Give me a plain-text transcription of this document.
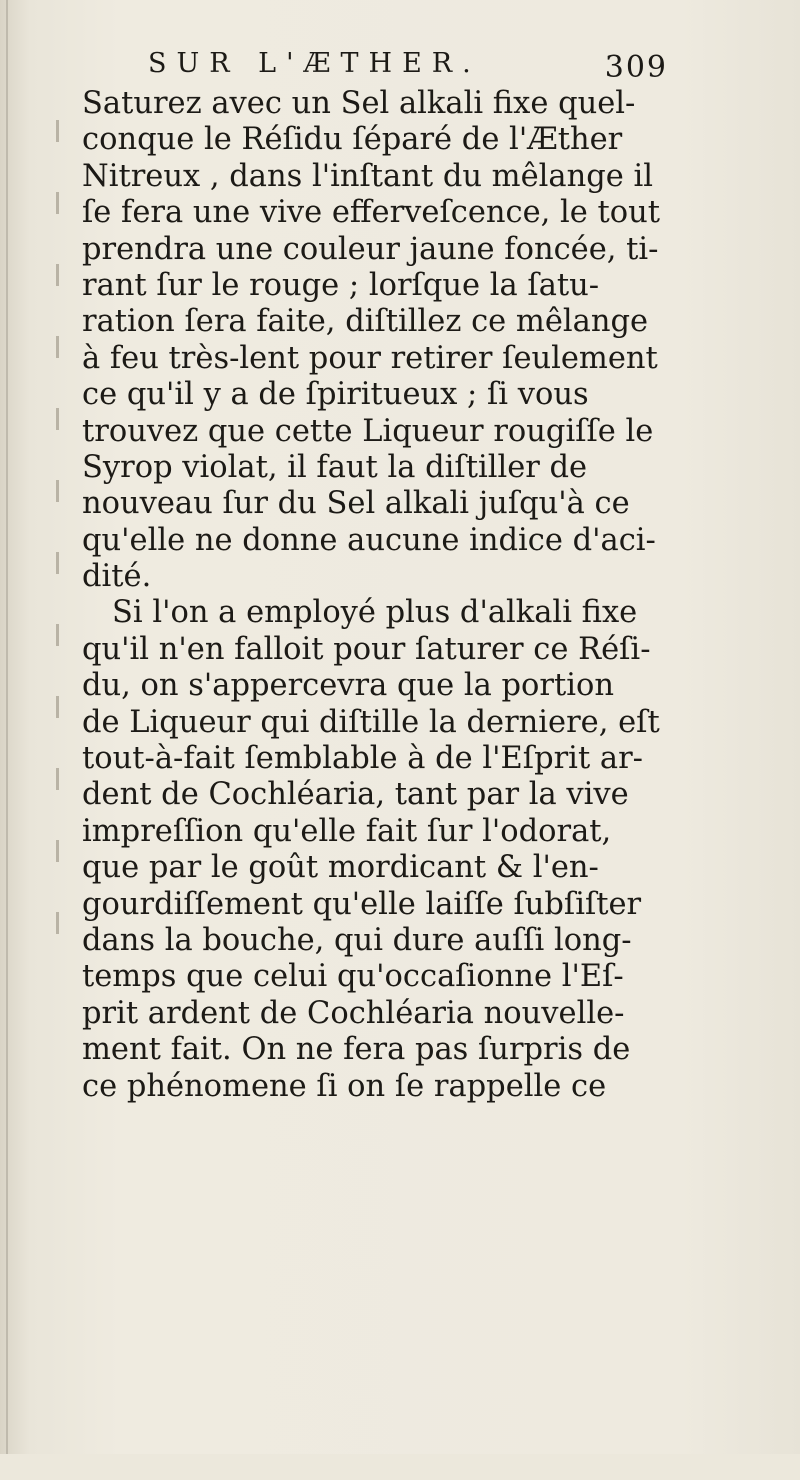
SUR L'ÆTHER.	309
Saturez avec un Sel alkali fixe quel-
conque le Réſidu ſéparé de l'Æther
Nitreux , dans l'inſtant du mêlange il
ſe fera une vive efferveſcence, le tout
prendra une couleur jaune foncée, ti-
rant ſur le rouge ; lorſque la ſatu-
ration ſera faite, diſtillez ce mêlange
à feu très-lent pour retirer ſeulement
ce qu'il y a de ſpiritueux ; ſi vous
trouvez que cette Liqueur rougiſſe le
Syrop violat, il faut la diſtiller de
nouveau ſur du Sel alkali juſqu'à ce
qu'elle ne donne aucune indice d'aci-
dité.
Si l'on a employé plus d'alkali fixe
qu'il n'en falloit pour ſaturer ce Réſi-
du, on s'appercevra que la portion
de Liqueur qui diſtille la derniere, eſt
tout-à-fait ſemblable à de l'Eſprit ar-
dent de Cochléaria, tant par la vive
impreſſion qu'elle fait ſur l'odorat,
que par le goût mordicant & l'en-
gourdiſſement qu'elle laiſſe ſubſiſter
dans la bouche, qui dure auſſi long-
temps que celui qu'occaſionne l'Eſ-
prit ardent de Cochléaria nouvelle-
ment fait. On ne fera pas ſurpris de
ce phénomene ſi on ſe rappelle ce
